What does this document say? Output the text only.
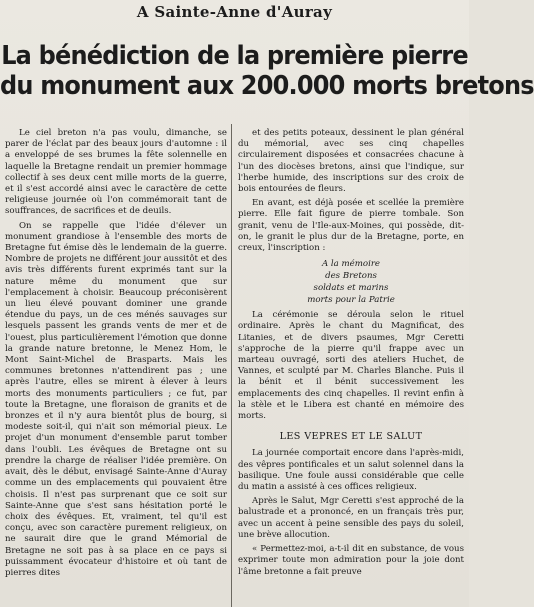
A Sainte-Anne d'Auray
La bénédiction de la première pierre
du monument aux 200.000 morts bretons

Le ciel breton n'a pas voulu, dimanche, se parer de l'éclat par des beaux jours d'automne : il a enveloppé de ses brumes la fête solennelle en laquelle la Bretagne rendait un premier hommage collectif à ses deux cent mille morts de la guerre, et il s'est accordé ainsi avec le caractère de cette religieuse journée où l'on commémorait tant de souffrances, de sacrifices et de deuils.

On se rappelle que l'idée d'élever un monument grandiose à l'ensemble des morts de Bretagne fut émise dès le lendemain de la guerre. Nombre de projets ne différent jour aussitôt et des avis très différents furent exprimés tant sur la nature même du monument que sur l'emplacement à choisir. Beaucoup préconisèrent un lieu élevé pouvant dominer une grande étendue du pays, un de ces ménés sauvages sur lesquels passent les grands vents de mer et de l'ouest, plus particulièrement l'émotion que donne la grande nature bretonne, le Menez Hom, le Mont Saint-Michel de Brasparts. Mais les communes bretonnes n'attendirent pas ; une après l'autre, elles se mirent à élever à leurs morts des monuments particuliers ; ce fut, par toute la Bretagne, une floraison de granits et de bronzes et il n'y aura bientôt plus de bourg, si modeste soit-il, qui n'ait son mémorial pieux. Le projet d'un monument d'ensemble parut tomber dans l'oubli. Les évêques de Bretagne ont su prendre la charge de réaliser l'idée première. On avait, dès le début, envisagé Sainte-Anne d'Auray comme un des emplacements qui pouvaient être choisis. Il n'est pas surprenant que ce soit sur Sainte-Anne que s'est sans hésitation porté le choix des évêques. Et, vraiment, tel qu'il est conçu, avec son caractère purement religieux, on ne saurait dire que le grand Mémorial de Bretagne ne soit pas à sa place en ce pays si puissamment évocateur d'histoire et où tant de pierres dites

et des petits poteaux, dessinent le plan général du mémorial, avec ses cinq chapelles circulairement disposées et consacrées chacune à l'un des diocèses bretons, ainsi que l'indique, sur l'herbe humide, des inscriptions sur des croix de bois entourées de fleurs.

En avant, est déjà posée et scellée la première pierre. Elle fait figure de pierre tombale. Son granit, venu de l'Ile-aux-Moines, qui possède, dit-on, le granit le plus dur de la Bretagne, porte, en creux, l'inscription :

A la mémoire
des Bretons
soldats et marins
morts pour la Patrie

La cérémonie se déroula selon le rituel ordinaire. Après le chant du Magnificat, des Litanies, et de divers psaumes, Mgr Ceretti s'approche de la pierre qu'il frappe avec un marteau ouvragé, sorti des ateliers Huchet, de Vannes, et sculpté par M. Charles Blanche. Puis il la bénit et il bénit successivement les emplacements des cinq chapelles. Il revint enfin à la stèle et le Libera est chanté en mémoire des morts.

LES VEPRES ET LE SALUT

La journée comportait encore dans l'après-midi, des vêpres pontificales et un salut solennel dans la basilique. Une foule aussi considérable que celle du matin a assisté à ces offices religieux.

Après le Salut, Mgr Ceretti s'est approché de la balustrade et a prononcé, en un français très pur, avec un accent à peine sensible des pays du soleil, une brève allocution.

« Permettez-moi, a-t-il dit en substance, de vous exprimer toute mon admiration pour la joie dont l'âme bretonne a fait preuve
